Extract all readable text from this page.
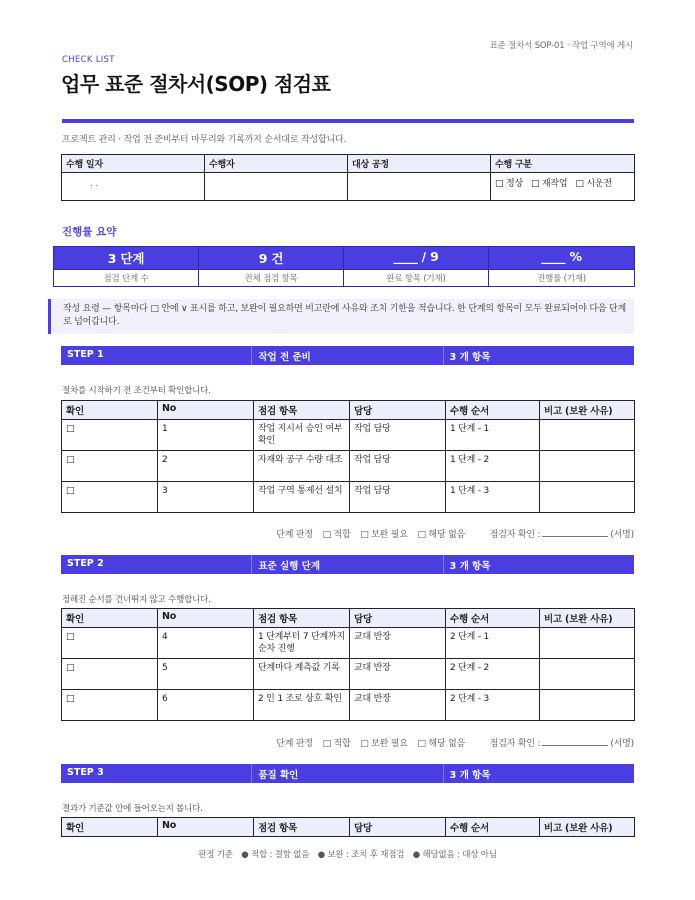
표준 절차서 SOP-01 · 작업 구역에 게시
CHECK LIST
업무 표준 절차서(SOP) 점검표

프로젝트 관리 · 작업 전 준비부터 마무리와 기록까지 순서대로 작성합니다.

수행 일자	수행자	대상 공정	수행 구분
. .			□ 정상 □ 재작업 □ 시운전
진행률 요약
3 단계	9 건	____ / 9	____ %
점검 단계 수	전체 점검 항목	완료 항목 (기재)	진행률 (기재)
작성 요령 — 항목마다 □ 안에 ∨ 표시를 하고, 보완이 필요하면 비고란에 사유와 조치 기한을 적습니다. 한 단계의 항목이 모두 완료되어야 다음 단계로 넘어갑니다.
STEP 1	작업 전 준비	3 개 항목

절차를 시작하기 전 조건부터 확인합니다.

확인	No	점검 항목	담당	수행 순서	비고 (보완 사유)
□	1	작업 지시서 승인 여부 확인	작업 담당	1 단계 - 1	
□	2	자재와 공구 수량 대조	작업 담당	1 단계 - 2	
□	3	작업 구역 통제선 설치	작업 담당	1 단계 - 3	
단계 판정 □ 적합 □ 보완 필요 □ 해당 없음	점검자 확인 :	(서명)
STEP 2	표준 실행 단계	3 개 항목

정해진 순서를 건너뛰지 않고 수행합니다.

확인	No	점검 항목	담당	수행 순서	비고 (보완 사유)
□	4	1 단계부터 7 단계까지 순차 진행	교대 반장	2 단계 - 1	
□	5	단계마다 계측값 기록	교대 반장	2 단계 - 2	
□	6	2 인 1 조로 상호 확인	교대 반장	2 단계 - 3	
단계 판정 □ 적합 □ 보완 필요 □ 해당 없음	점검자 확인 :	(서명)
STEP 3	품질 확인	3 개 항목

결과가 기준값 안에 들어오는지 봅니다.

확인	No	점검 항목	담당	수행 순서	비고 (보완 사유)
판정 기준 ● 적합 : 결함 없음 ● 보완 : 조치 후 재점검 ● 해당없음 : 대상 아님
